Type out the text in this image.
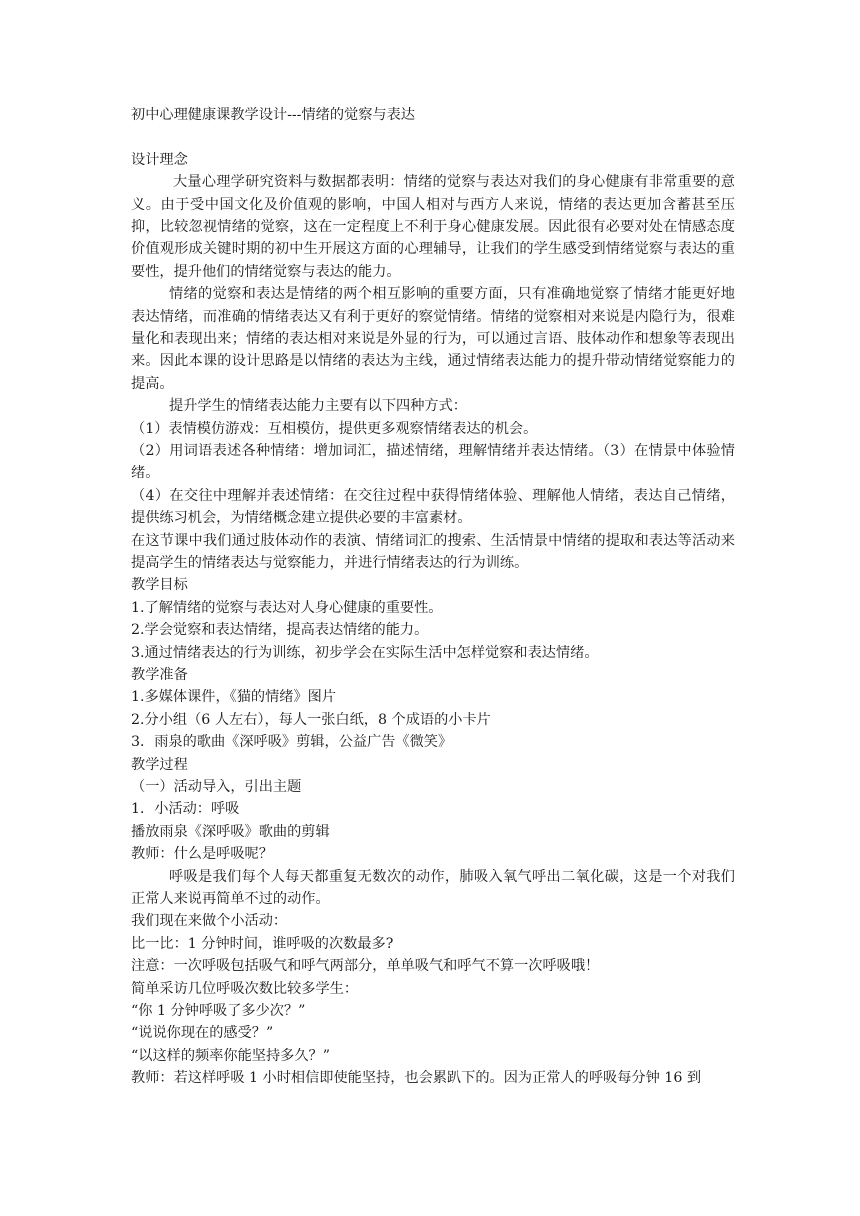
初中心理健康课教学设计---情绪的觉察与表达
设计理念

大量心理学研究资料与数据都表明：情绪的觉察与表达对我们的身心健康有非常重要的意义。由于受中国文化及价值观的影响，中国人相对与西方人来说，情绪的表达更加含蓄甚至压抑，比较忽视情绪的觉察，这在一定程度上不利于身心健康发展。因此很有必要对处在情感态度价值观形成关键时期的初中生开展这方面的心理辅导，让我们的学生感受到情绪觉察与表达的重要性，提升他们的情绪觉察与表达的能力。

情绪的觉察和表达是情绪的两个相互影响的重要方面，只有准确地觉察了情绪才能更好地表达情绪，而准确的情绪表达又有利于更好的察觉情绪。情绪的觉察相对来说是内隐行为，很难量化和表现出来；情绪的表达相对来说是外显的行为，可以通过言语、肢体动作和想象等表现出来。因此本课的设计思路是以情绪的表达为主线，通过情绪表达能力的提升带动情绪觉察能力的提高。

提升学生的情绪表达能力主要有以下四种方式：

（1）表情模仿游戏：互相模仿，提供更多观察情绪表达的机会。

（2）用词语表述各种情绪：增加词汇，描述情绪，理解情绪并表达情绪。（3）在情景中体验情绪。

（4）在交往中理解并表述情绪：在交往过程中获得情绪体验、理解他人情绪，表达自己情绪，提供练习机会，为情绪概念建立提供必要的丰富素材。

在这节课中我们通过肢体动作的表演、情绪词汇的搜索、生活情景中情绪的提取和表达等活动来提高学生的情绪表达与觉察能力，并进行情绪表达的行为训练。

教学目标
1.了解情绪的觉察与表达对人身心健康的重要性。
2.学会觉察和表达情绪，提高表达情绪的能力。
3.通过情绪表达的行为训练，初步学会在实际生活中怎样觉察和表达情绪。
教学准备
1.多媒体课件，《猫的情绪》图片
2.分小组（6 人左右），每人一张白纸，8 个成语的小卡片
3．雨泉的歌曲《深呼吸》剪辑，公益广告《微笑》
教学过程
（一）活动导入，引出主题
1．小活动：呼吸
播放雨泉《深呼吸》歌曲的剪辑
教师：什么是呼吸呢？

呼吸是我们每个人每天都重复无数次的动作，肺吸入氧气呼出二氧化碳，这是一个对我们正常人来说再简单不过的动作。

我们现在来做个小活动：
比一比：1 分钟时间，谁呼吸的次数最多?
注意：一次呼吸包括吸气和呼气两部分，单单吸气和呼气不算一次呼吸哦！
简单采访几位呼吸次数比较多学生：
“你 1 分钟呼吸了多少次？”
“说说你现在的感受？”
“以这样的频率你能坚持多久？”
教师：若这样呼吸 1 小时相信即使能坚持，也会累趴下的。因为正常人的呼吸每分钟 16 到
